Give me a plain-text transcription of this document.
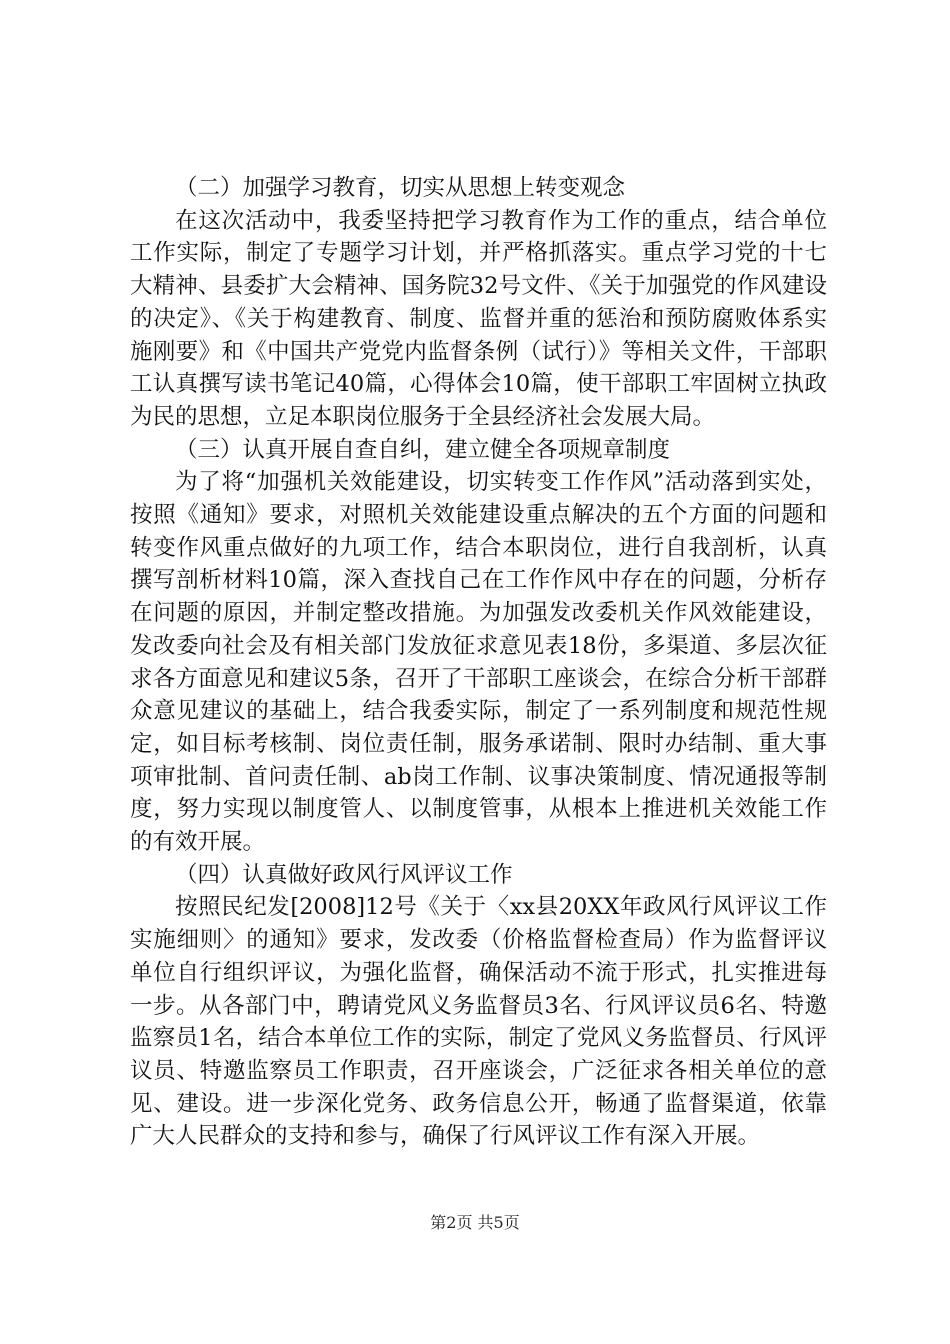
（二）加强学习教育，切实从思想上转变观念

在这次活动中，我委坚持把学习教育作为工作的重点，结合单位工作实际，制定了专题学习计划，并严格抓落实。重点学习党的十七大精神、县委扩大会精神、国务院32号文件、《关于加强党的作风建设的决定》、《关于构建教育、制度、监督并重的惩治和预防腐败体系实施刚要》和《中国共产党党内监督条例（试行）》等相关文件，干部职工认真撰写读书笔记40篇，心得体会10篇，使干部职工牢固树立执政为民的思想，立足本职岗位服务于全县经济社会发展大局。

（三）认真开展自查自纠，建立健全各项规章制度

为了将“加强机关效能建设，切实转变工作作风”活动落到实处，按照《通知》要求，对照机关效能建设重点解决的五个方面的问题和转变作风重点做好的九项工作，结合本职岗位，进行自我剖析，认真撰写剖析材料10篇，深入查找自己在工作作风中存在的问题，分析存在问题的原因，并制定整改措施。为加强发改委机关作风效能建设，发改委向社会及有相关部门发放征求意见表18份，多渠道、多层次征求各方面意见和建议5条，召开了干部职工座谈会，在综合分析干部群众意见建议的基础上，结合我委实际，制定了一系列制度和规范性规定，如目标考核制、岗位责任制，服务承诺制、限时办结制、重大事项审批制、首问责任制、ab岗工作制、议事决策制度、情况通报等制度，努力实现以制度管人、以制度管事，从根本上推进机关效能工作的有效开展。

（四）认真做好政风行风评议工作

按照民纪发[2008]12号《关于〈xx县20XX年政风行风评议工作实施细则〉的通知》要求，发改委（价格监督检查局）作为监督评议单位自行组织评议，为强化监督，确保活动不流于形式，扎实推进每一步。从各部门中，聘请党风义务监督员3名、行风评议员6名、特邀监察员1名，结合本单位工作的实际，制定了党风义务监督员、行风评议员、特邀监察员工作职责，召开座谈会，广泛征求各相关单位的意见、建设。进一步深化党务、政务信息公开，畅通了监督渠道，依靠广大人民群众的支持和参与，确保了行风评议工作有深入开展。

第2页 共5页
